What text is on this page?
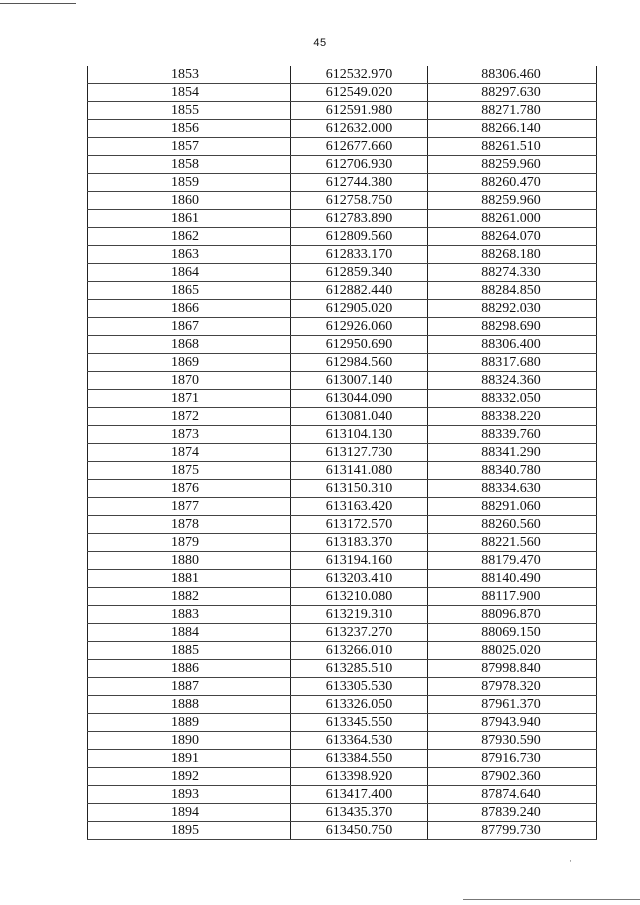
45
1853	612532.970	88306.460
1854	612549.020	88297.630
1855	612591.980	88271.780
1856	612632.000	88266.140
1857	612677.660	88261.510
1858	612706.930	88259.960
1859	612744.380	88260.470
1860	612758.750	88259.960
1861	612783.890	88261.000
1862	612809.560	88264.070
1863	612833.170	88268.180
1864	612859.340	88274.330
1865	612882.440	88284.850
1866	612905.020	88292.030
1867	612926.060	88298.690
1868	612950.690	88306.400
1869	612984.560	88317.680
1870	613007.140	88324.360
1871	613044.090	88332.050
1872	613081.040	88338.220
1873	613104.130	88339.760
1874	613127.730	88341.290
1875	613141.080	88340.780
1876	613150.310	88334.630
1877	613163.420	88291.060
1878	613172.570	88260.560
1879	613183.370	88221.560
1880	613194.160	88179.470
1881	613203.410	88140.490
1882	613210.080	88117.900
1883	613219.310	88096.870
1884	613237.270	88069.150
1885	613266.010	88025.020
1886	613285.510	87998.840
1887	613305.530	87978.320
1888	613326.050	87961.370
1889	613345.550	87943.940
1890	613364.530	87930.590
1891	613384.550	87916.730
1892	613398.920	87902.360
1893	613417.400	87874.640
1894	613435.370	87839.240
1895	613450.750	87799.730
·
